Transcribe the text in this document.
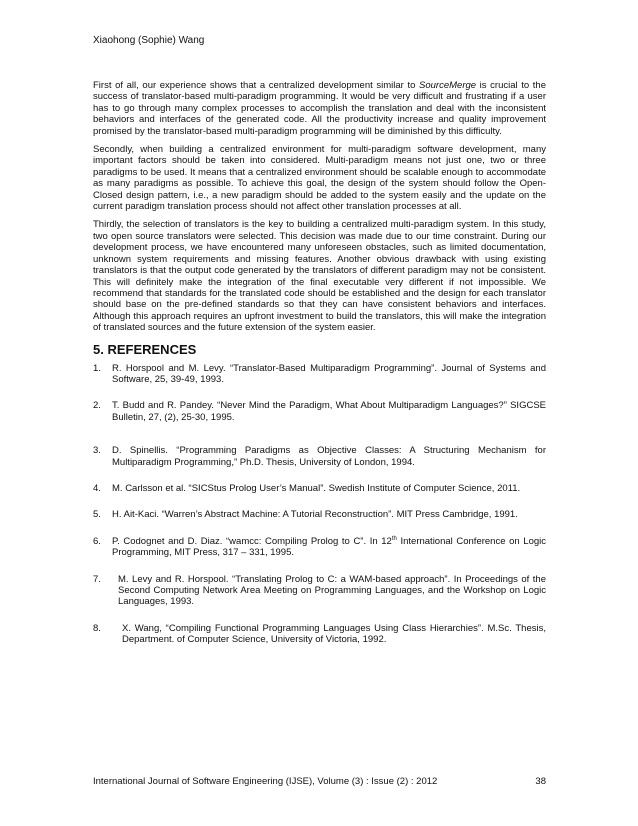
Xiaohong (Sophie) Wang

First of all, our experience shows that a centralized development similar to SourceMerge is crucial to the success of translator-based multi-paradigm programming. It would be very difficult and frustrating if a user has to go through many complex processes to accomplish the translation and deal with the inconsistent behaviors and interfaces of the generated code. All the productivity increase and quality improvement promised by the translator-based multi-paradigm programming will be diminished by this difficulty.

Secondly, when building a centralized environment for multi-paradigm software development, many important factors should be taken into considered. Multi-paradigm means not just one, two or three paradigms to be used. It means that a centralized environment should be scalable enough to accommodate as many paradigms as possible. To achieve this goal, the design of the system should follow the Open-Closed design pattern, i.e., a new paradigm should be added to the system easily and the update on the current paradigm translation process should not affect other translation processes at all.

Thirdly, the selection of translators is the key to building a centralized multi-paradigm system. In this study, two open source translators were selected. This decision was made due to our time constraint. During our development process, we have encountered many unforeseen obstacles, such as limited documentation, unknown system requirements and missing features. Another obvious drawback with using existing translators is that the output code generated by the translators of different paradigm may not be consistent. This will definitely make the integration of the final executable very different if not impossible. We recommend that standards for the translated code should be established and the design for each translator should base on the pre-defined standards so that they can have consistent behaviors and interfaces. Although this approach requires an upfront investment to build the translators, this will make the integration of translated sources and the future extension of the system easier.

5. REFERENCES
1. R. Horspool and M. Levy. “Translator-Based Multiparadigm Programming”. Journal of Systems and Software, 25, 39-49, 1993.
2. T. Budd and R. Pandey. “Never Mind the Paradigm, What About Multiparadigm Languages?” SIGCSE Bulletin, 27, (2), 25-30, 1995.
3. D. Spinellis. “Programming Paradigms as Objective Classes: A Structuring Mechanism for Multiparadigm Programming,” Ph.D. Thesis, University of London, 1994.
4. M. Carlsson et al. “SICStus Prolog User’s Manual”. Swedish Institute of Computer Science, 2011.
5. H. Ait-Kaci. “Warren’s Abstract Machine: A Tutorial Reconstruction”. MIT Press Cambridge, 1991.
6. P. Codognet and D. Diaz. “wamcc: Compiling Prolog to C”. In 12th International Conference on Logic Programming, MIT Press, 317 – 331, 1995.
7. M. Levy and R. Horspool. “Translating Prolog to C: a WAM-based approach”. In Proceedings of the Second Computing Network Area Meeting on Programming Languages, and the Workshop on Logic Languages, 1993.
8. X. Wang, “Compiling Functional Programming Languages Using Class Hierarchies”. M.Sc. Thesis, Department. of Computer Science, University of Victoria, 1992.
International Journal of Software Engineering (IJSE), Volume (3) : Issue (2) : 2012	38
